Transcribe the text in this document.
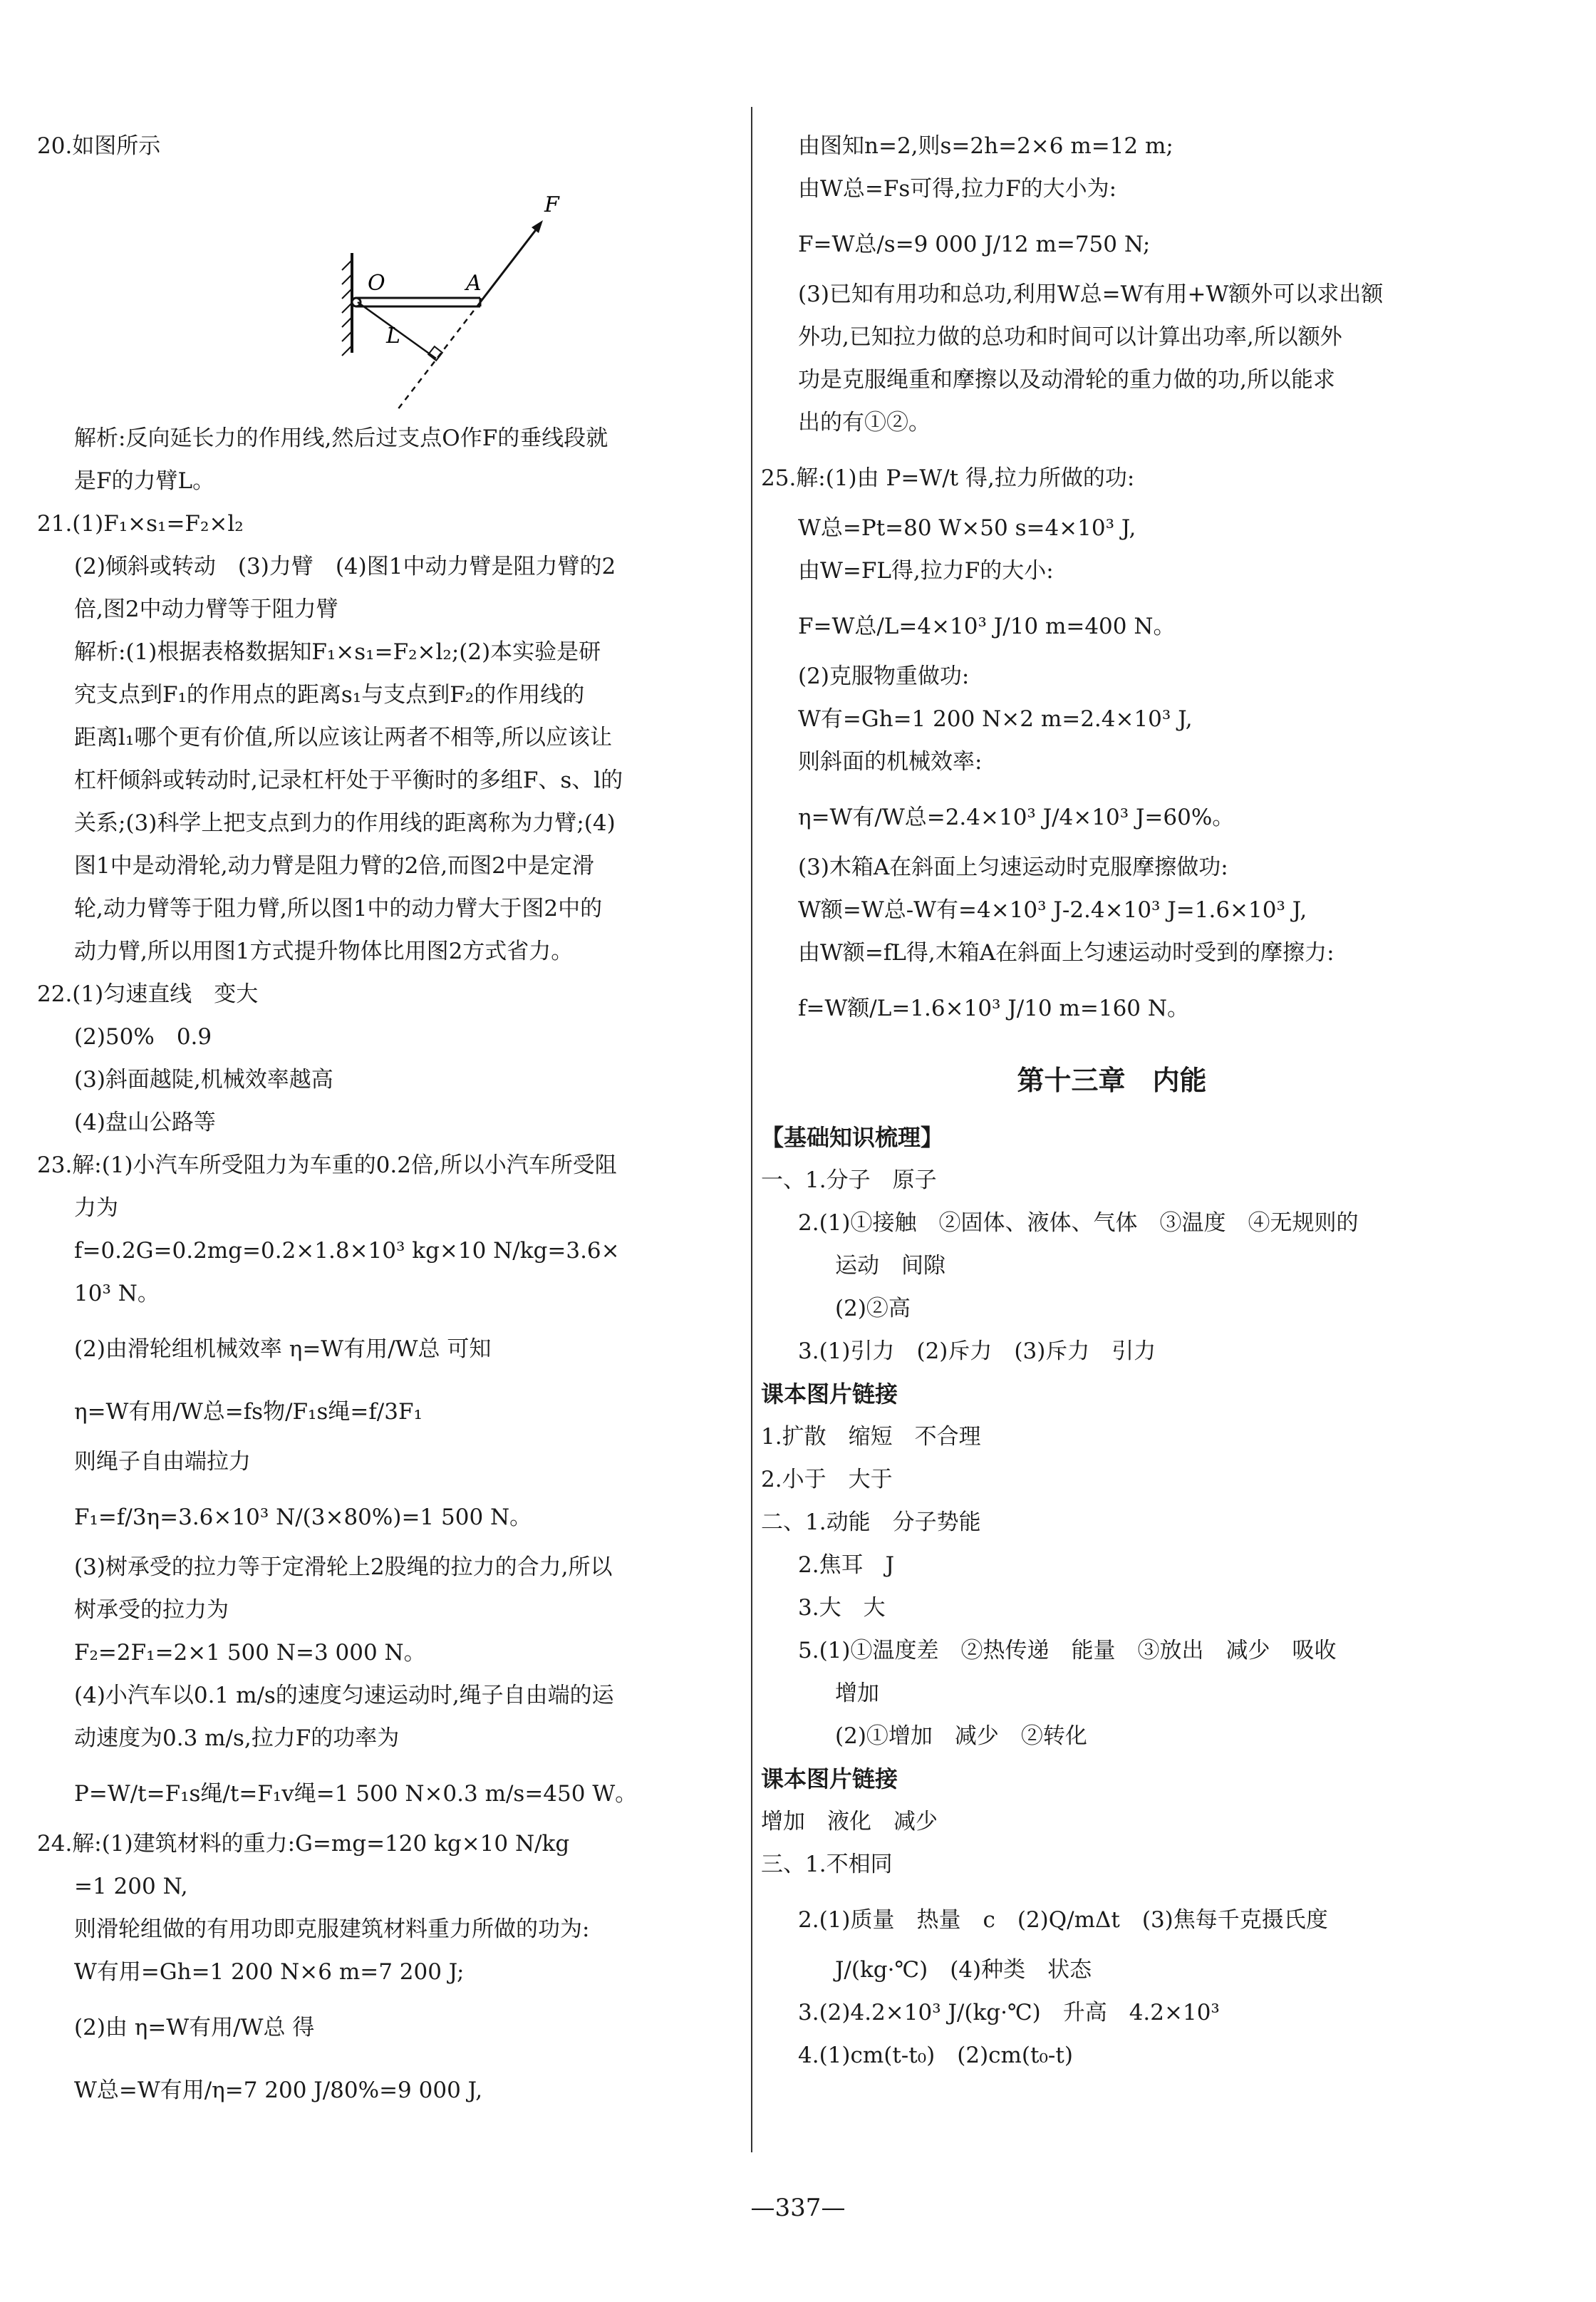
20.如图所示
F
O	A
L
解析:反向延长力的作用线,然后过支点O作F的垂线段就
是F的力臂L。
21.(1)F₁×s₁=F₂×l₂
(2)倾斜或转动　(3)力臂　(4)图1中动力臂是阻力臂的2
倍,图2中动力臂等于阻力臂
解析:(1)根据表格数据知F₁×s₁=F₂×l₂;(2)本实验是研
究支点到F₁的作用点的距离s₁与支点到F₂的作用线的
距离l₁哪个更有价值,所以应该让两者不相等,所以应该让
杠杆倾斜或转动时,记录杠杆处于平衡时的多组F、s、l的
关系;(3)科学上把支点到力的作用线的距离称为力臂;(4)
图1中是动滑轮,动力臂是阻力臂的2倍,而图2中是定滑
轮,动力臂等于阻力臂,所以图1中的动力臂大于图2中的
动力臂,所以用图1方式提升物体比用图2方式省力。
22.(1)匀速直线　变大
(2)50%　0.9
(3)斜面越陡,机械效率越高
(4)盘山公路等
23.解:(1)小汽车所受阻力为车重的0.2倍,所以小汽车所受阻
力为
f=0.2G=0.2mg=0.2×1.8×10³ kg×10 N/kg=3.6×
10³ N。
(2)由滑轮组机械效率 η=W有用/W总 可知
η=W有用/W总=fs物/F₁s绳=f/3F₁
则绳子自由端拉力
F₁=f/3η=3.6×10³ N/(3×80%)=1 500 N。
(3)树承受的拉力等于定滑轮上2股绳的拉力的合力,所以
树承受的拉力为
F₂=2F₁=2×1 500 N=3 000 N。
(4)小汽车以0.1 m/s的速度匀速运动时,绳子自由端的运
动速度为0.3 m/s,拉力F的功率为
P=W/t=F₁s绳/t=F₁v绳=1 500 N×0.3 m/s=450 W。
24.解:(1)建筑材料的重力:G=mg=120 kg×10 N/kg
=1 200 N,
则滑轮组做的有用功即克服建筑材料重力所做的功为:
W有用=Gh=1 200 N×6 m=7 200 J;
(2)由 η=W有用/W总 得
W总=W有用/η=7 200 J/80%=9 000 J,
由图知n=2,则s=2h=2×6 m=12 m;
由W总=Fs可得,拉力F的大小为:
F=W总/s=9 000 J/12 m=750 N;
(3)已知有用功和总功,利用W总=W有用+W额外可以求出额
外功,已知拉力做的总功和时间可以计算出功率,所以额外
功是克服绳重和摩擦以及动滑轮的重力做的功,所以能求
出的有①②。
25.解:(1)由 P=W/t 得,拉力所做的功:
W总=Pt=80 W×50 s=4×10³ J,
由W=FL得,拉力F的大小:
F=W总/L=4×10³ J/10 m=400 N。
(2)克服物重做功:
W有=Gh=1 200 N×2 m=2.4×10³ J,
则斜面的机械效率:
η=W有/W总=2.4×10³ J/4×10³ J=60%。
(3)木箱A在斜面上匀速运动时克服摩擦做功:
W额=W总-W有=4×10³ J-2.4×10³ J=1.6×10³ J,
由W额=fL得,木箱A在斜面上匀速运动时受到的摩擦力:
f=W额/L=1.6×10³ J/10 m=160 N。
第十三章　内能
【基础知识梳理】
一、1.分子　原子
2.(1)①接触　②固体、液体、气体　③温度　④无规则的
运动　间隙
(2)②高
3.(1)引力　(2)斥力　(3)斥力　引力
课本图片链接
1.扩散　缩短　不合理
2.小于　大于
二、1.动能　分子势能
2.焦耳　J
3.大　大
5.(1)①温度差　②热传递　能量　③放出　减少　吸收
增加
(2)①增加　减少　②转化
课本图片链接
增加　液化　减少
三、1.不相同
2.(1)质量　热量　c　(2)Q/mΔt　(3)焦每千克摄氏度
J/(kg·℃)　(4)种类　状态
3.(2)4.2×10³ J/(kg·℃)　升高　4.2×10³
4.(1)cm(t-t₀)　(2)cm(t₀-t)
—337—
